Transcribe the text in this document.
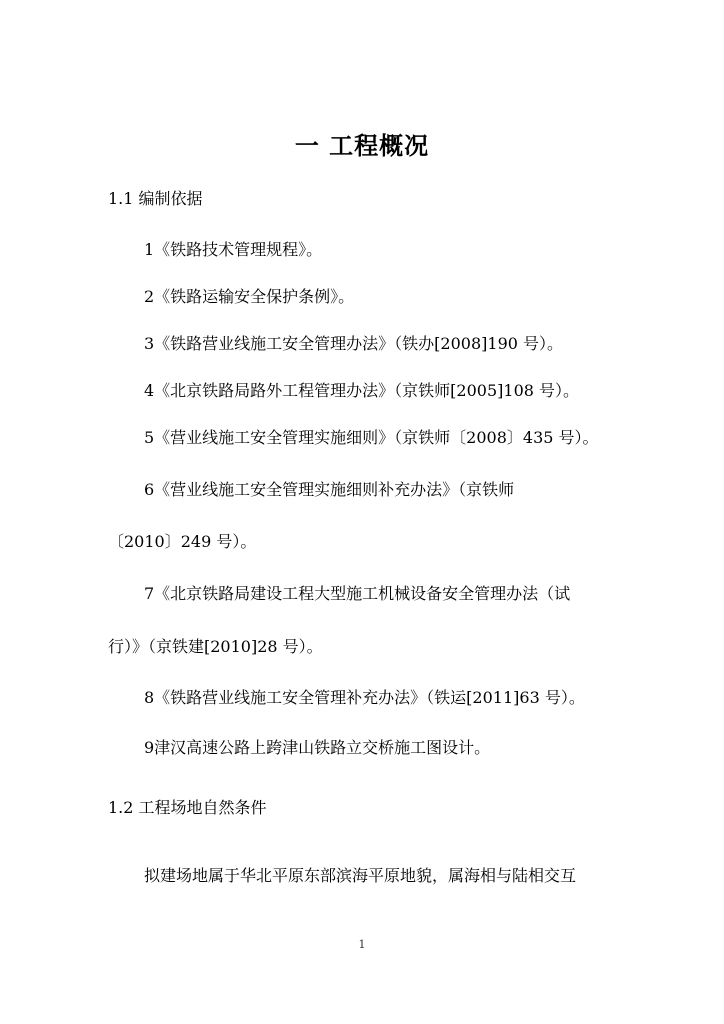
一 工程概况
1.1 编制依据
1《铁路技术管理规程》。
2《铁路运输安全保护条例》。
3《铁路营业线施工安全管理办法》（铁办[2008]190 号）。
4《北京铁路局路外工程管理办法》（京铁师[2005]108 号）。
5《营业线施工安全管理实施细则》（京铁师〔2008〕435 号）。
6《营业线施工安全管理实施细则补充办法》（京铁师
〔2010〕249 号）。
7《北京铁路局建设工程大型施工机械设备安全管理办法（试
行）》（京铁建[2010]28 号）。
8《铁路营业线施工安全管理补充办法》（铁运[2011]63 号）。
9津汉高速公路上跨津山铁路立交桥施工图设计。
1.2 工程场地自然条件
拟建场地属于华北平原东部滨海平原地貌，属海相与陆相交互
1
